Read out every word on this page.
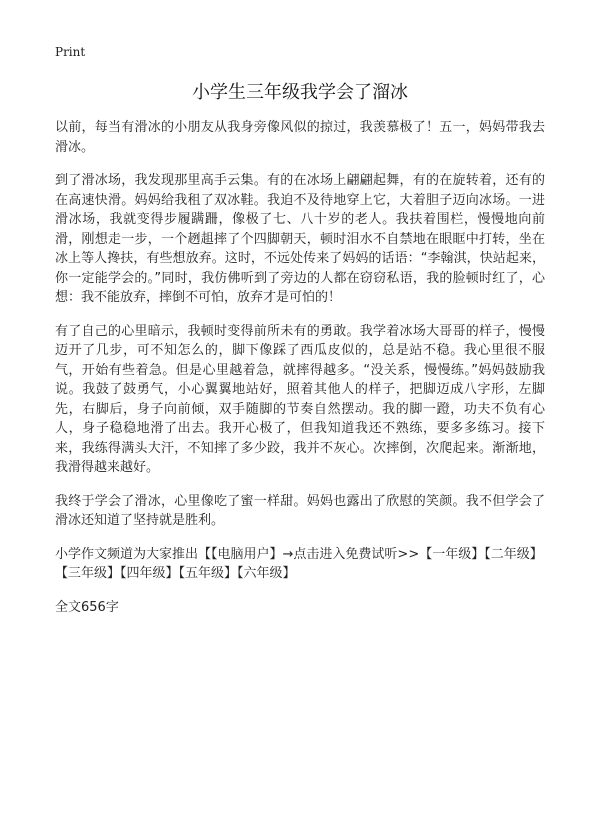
Print
小学生三年级我学会了溜冰

以前，每当有滑冰的小朋友从我身旁像风似的掠过，我羡慕极了！五一，妈妈带我去滑冰。

到了滑冰场，我发现那里高手云集。有的在冰场上翩翩起舞，有的在旋转着，还有的在高速快滑。妈妈给我租了双冰鞋。我迫不及待地穿上它，大着胆子迈向冰场。一进滑冰场，我就变得步履蹒跚，像极了七、八十岁的老人。我扶着围栏，慢慢地向前滑，刚想走一步，一个趔趄摔了个四脚朝天，顿时泪水不自禁地在眼眶中打转，坐在冰上等人搀扶，有些想放弃。这时，不远处传来了妈妈的话语：“李翰淇，快站起来，你一定能学会的。”同时，我仿佛听到了旁边的人都在窃窃私语，我的脸顿时红了，心想：我不能放弃，摔倒不可怕，放弃才是可怕的！

有了自己的心里暗示，我顿时变得前所未有的勇敢。我学着冰场大哥哥的样子，慢慢迈开了几步，可不知怎么的，脚下像踩了西瓜皮似的，总是站不稳。我心里很不服气，开始有些着急。但是心里越着急，就摔得越多。“没关系，慢慢练。”妈妈鼓励我说。我鼓了鼓勇气，小心翼翼地站好，照着其他人的样子，把脚迈成八字形，左脚先，右脚后，身子向前倾，双手随脚的节奏自然摆动。我的脚一蹬，功夫不负有心人，身子稳稳地滑了出去。我开心极了，但我知道我还不熟练，要多多练习。接下来，我练得满头大汗，不知摔了多少跤，我并不灰心。次摔倒，次爬起来。渐渐地，我滑得越来越好。

我终于学会了滑冰，心里像吃了蜜一样甜。妈妈也露出了欣慰的笑颜。我不但学会了滑冰还知道了坚持就是胜利。

小学作文频道为大家推出【【电脑用户】→点击进入免费试听>>【一年级】【二年级】【三年级】【四年级】【五年级】【六年级】

全文656字
